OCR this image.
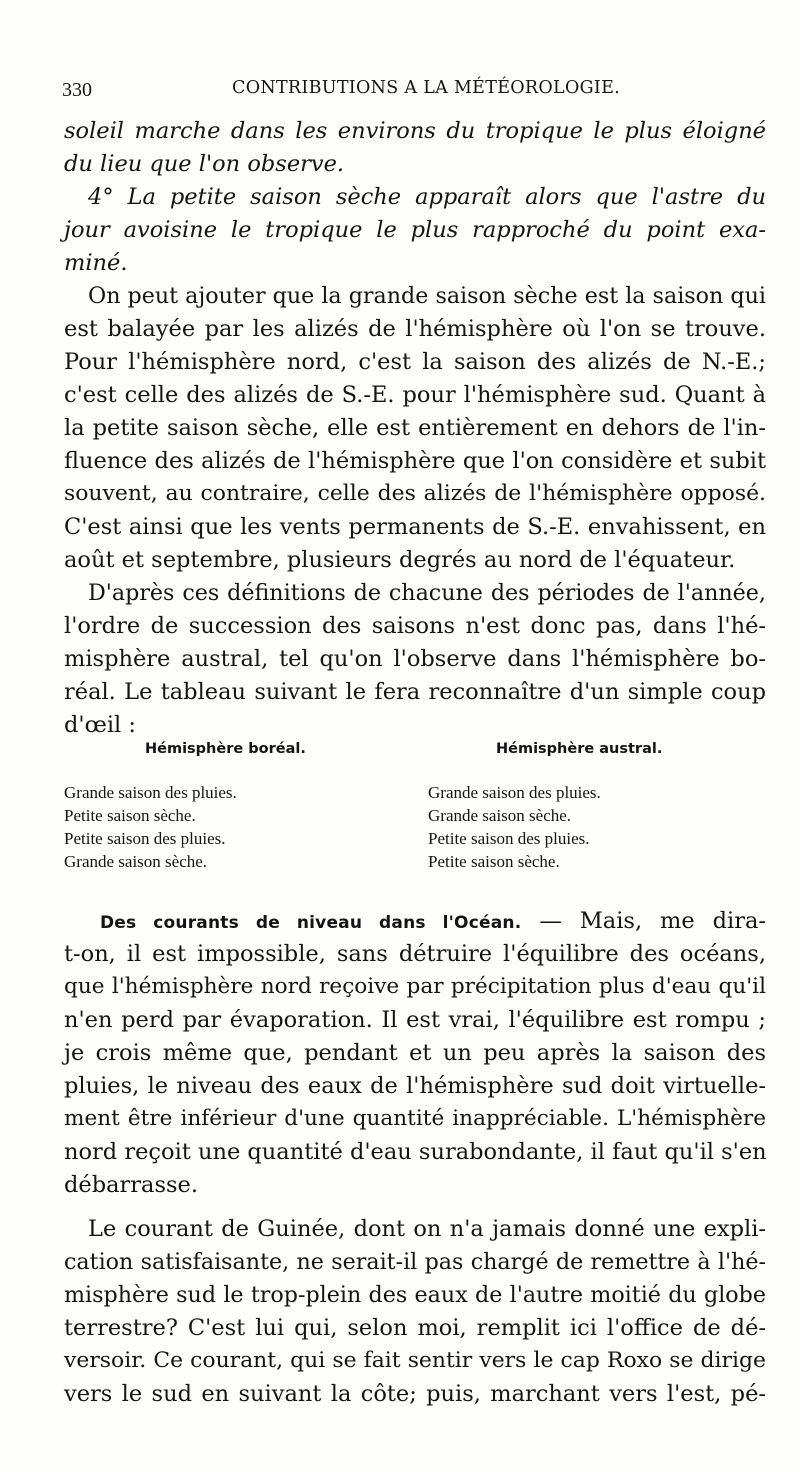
330	CONTRIBUTIONS A LA MÉTÉOROLOGIE.
soleil marche dans les environs du tropique le plus éloigné
du lieu que l'on observe.
4° La petite saison sèche apparaît alors que l'astre du
jour avoisine le tropique le plus rapproché du point exa-
miné.
On peut ajouter que la grande saison sèche est la saison qui
est balayée par les alizés de l'hémisphère où l'on se trouve.
Pour l'hémisphère nord, c'est la saison des alizés de N.-E.;
c'est celle des alizés de S.-E. pour l'hémisphère sud. Quant à
la petite saison sèche, elle est entièrement en dehors de l'in-
fluence des alizés de l'hémisphère que l'on considère et subit
souvent, au contraire, celle des alizés de l'hémisphère opposé.
C'est ainsi que les vents permanents de S.-E. envahissent, en
août et septembre, plusieurs degrés au nord de l'équateur.
D'après ces définitions de chacune des périodes de l'année,
l'ordre de succession des saisons n'est donc pas, dans l'hé-
misphère austral, tel qu'on l'observe dans l'hémisphère bo-
réal. Le tableau suivant le fera reconnaître d'un simple coup
d'œil :
Hémisphère boréal.	Hémisphère austral.
Grande saison des pluies.	Grande saison des pluies.
Petite saison sèche.	Grande saison sèche.
Petite saison des pluies.	Petite saison des pluies.
Grande saison sèche.	Petite saison sèche.
Des courants de niveau dans l'Océan. — Mais, me dira-
t-on, il est impossible, sans détruire l'équilibre des océans,
que l'hémisphère nord reçoive par précipitation plus d'eau qu'il
n'en perd par évaporation. Il est vrai, l'équilibre est rompu ;
je crois même que, pendant et un peu après la saison des
pluies, le niveau des eaux de l'hémisphère sud doit virtuelle-
ment être inférieur d'une quantité inappréciable. L'hémisphère
nord reçoit une quantité d'eau surabondante, il faut qu'il s'en
débarrasse.
Le courant de Guinée, dont on n'a jamais donné une expli-
cation satisfaisante, ne serait-il pas chargé de remettre à l'hé-
misphère sud le trop-plein des eaux de l'autre moitié du globe
terrestre? C'est lui qui, selon moi, remplit ici l'office de dé-
versoir. Ce courant, qui se fait sentir vers le cap Roxo se dirige
vers le sud en suivant la côte; puis, marchant vers l'est, pé-
